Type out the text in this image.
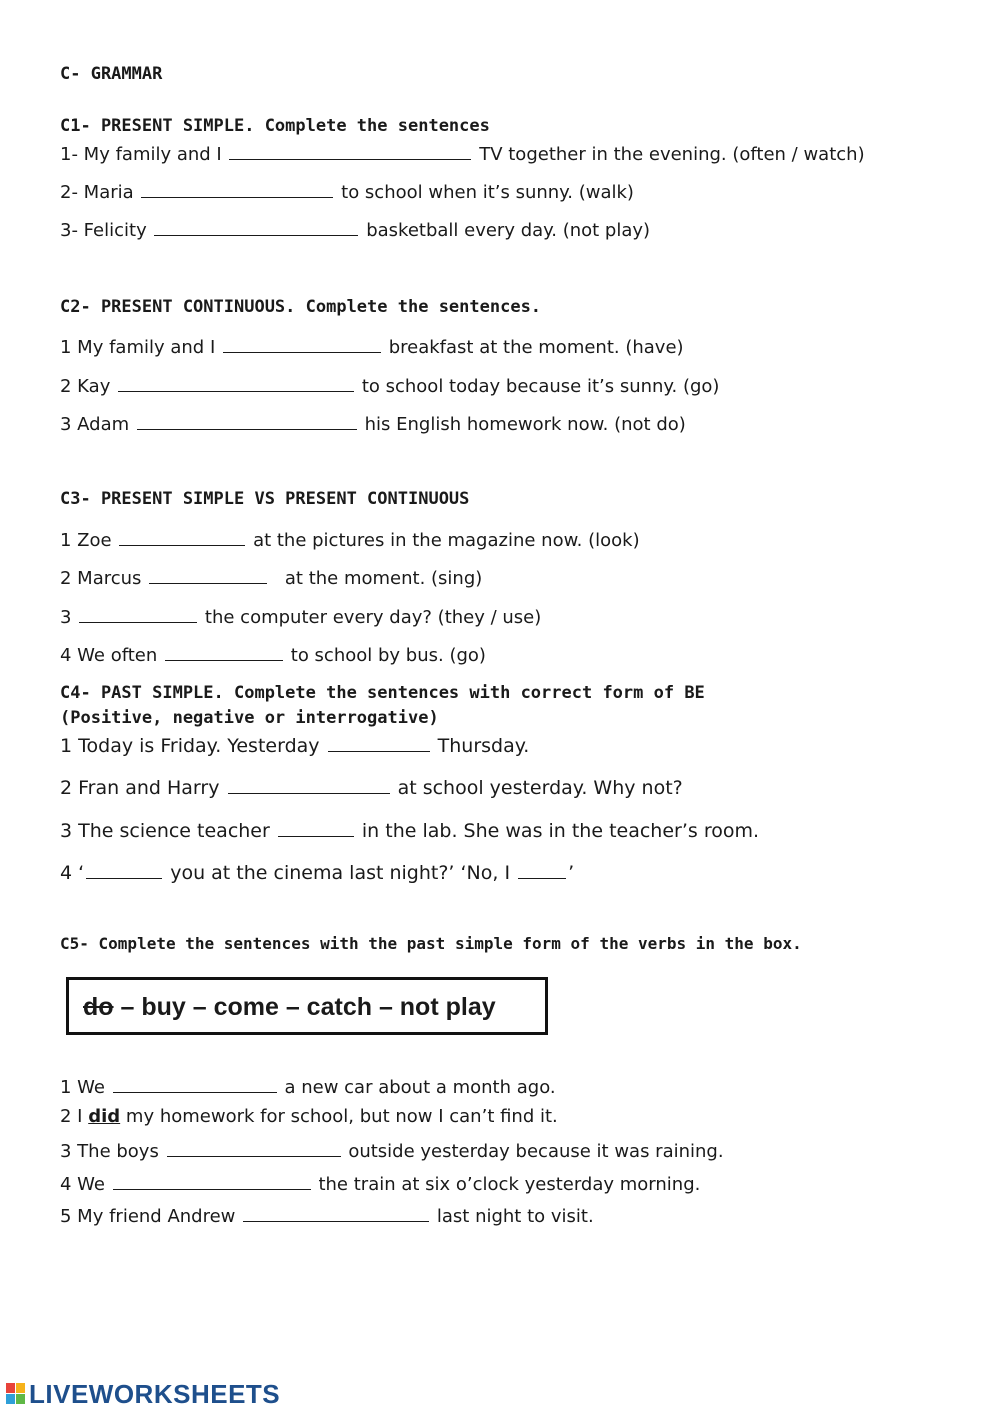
C- GRAMMAR
C1- PRESENT SIMPLE. Complete the sentences
1- My family and I	TV together in the evening. (often / watch)
2- Maria	to school when it’s sunny. (walk)
3- Felicity	basketball every day. (not play)
C2- PRESENT CONTINUOUS. Complete the sentences.
1 My family and I	breakfast at the moment. (have)
2 Kay	to school today because it’s sunny. (go)
3 Adam	his English homework now. (not do)
C3- PRESENT SIMPLE VS PRESENT CONTINUOUS
1 Zoe	at the pictures in the magazine now. (look)
2 Marcus	at the moment. (sing)
3	the computer every day? (they / use)
4 We often	to school by bus. (go)
C4- PAST SIMPLE. Complete the sentences with correct form of BE
(Positive, negative or interrogative)
1 Today is Friday. Yesterday	Thursday.
2 Fran and Harry	at school yesterday. Why not?
3 The science teacher	in the lab. She was in the teacher’s room.
4 ‘	you at the cinema last night?’ ‘No, I	’
C5- Complete the sentences with the past simple form of the verbs in the box.
do – buy – come – catch – not play
1 We	a new car about a month ago.
2 I did my homework for school, but now I can’t find it.
3 The boys	outside yesterday because it was raining.
4 We	the train at six o’clock yesterday morning.
5 My friend Andrew	last night to visit.
LIVEWORKSHEETS
